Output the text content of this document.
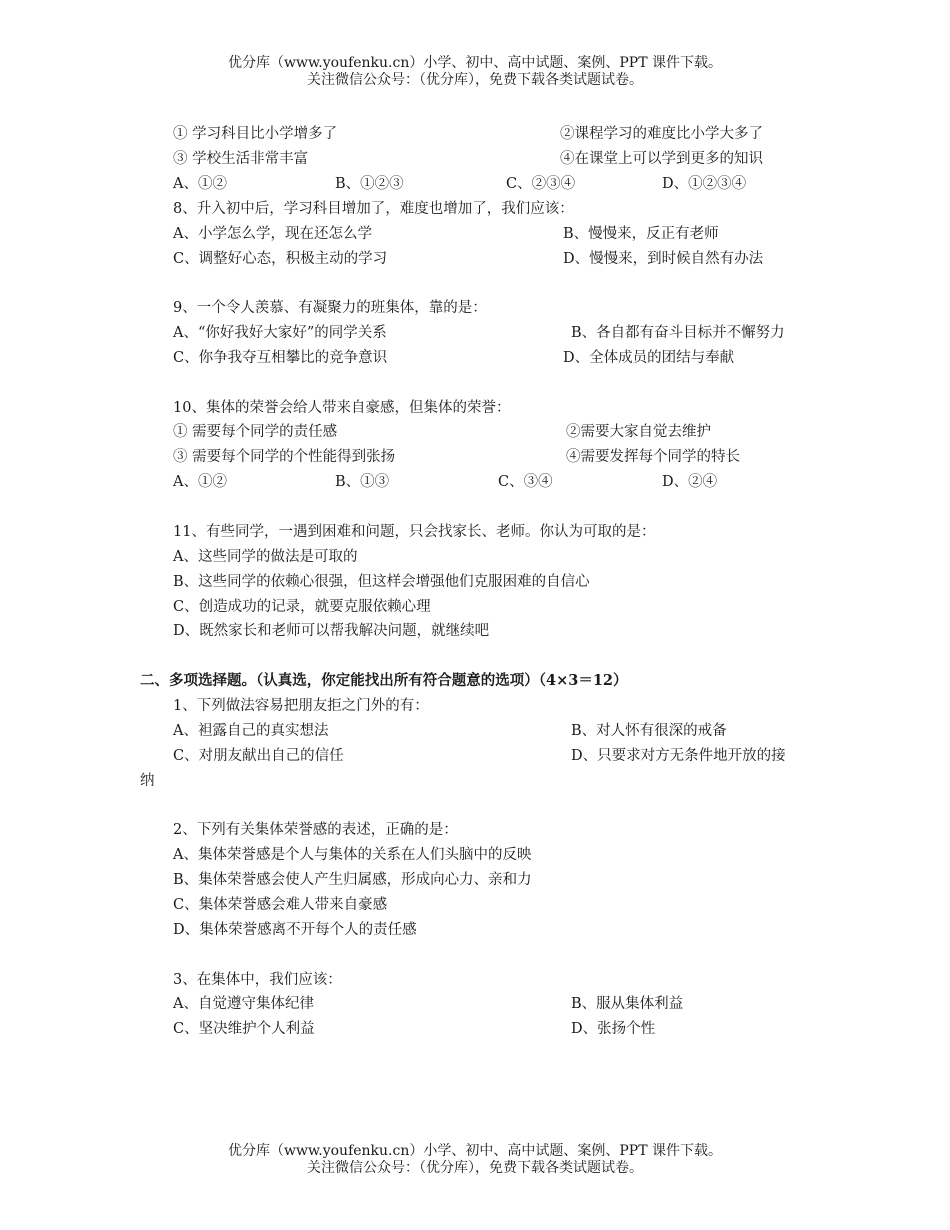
优分库（www.youfenku.cn）小学、初中、高中试题、案例、PPT 课件下载。
关注微信公众号：（优分库），免费下载各类试题试卷。
① 学习科目比小学增多了	②课程学习的难度比小学大多了
③ 学校生活非常丰富	④在课堂上可以学到更多的知识
A、①②	B、①②③	C、②③④	D、①②③④
8、升入初中后，学习科目增加了，难度也增加了，我们应该：
A、小学怎么学，现在还怎么学	B、慢慢来，反正有老师
C、调整好心态，积极主动的学习	D、慢慢来，到时候自然有办法
9、一个令人羡慕、有凝聚力的班集体，靠的是：
A、“你好我好大家好”的同学关系	B、各自都有奋斗目标并不懈努力
C、你争我夺互相攀比的竞争意识	D、全体成员的团结与奉献
10、集体的荣誉会给人带来自豪感，但集体的荣誉：
① 需要每个同学的责任感	②需要大家自觉去维护
③ 需要每个同学的个性能得到张扬	④需要发挥每个同学的特长
A、①②	B、①③	C、③④	D、②④
11、有些同学，一遇到困难和问题，只会找家长、老师。你认为可取的是：
A、这些同学的做法是可取的
B、这些同学的依赖心很强，但这样会增强他们克服困难的自信心
C、创造成功的记录，就要克服依赖心理
D、既然家长和老师可以帮我解决问题，就继续吧
二、多项选择题。（认真选，你定能找出所有符合题意的选项）（4×3＝12）
1、下列做法容易把朋友拒之门外的有：
A、袒露自己的真实想法	B、对人怀有很深的戒备
C、对朋友献出自己的信任	D、只要求对方无条件地开放的接
纳
2、下列有关集体荣誉感的表述，正确的是：
A、集体荣誉感是个人与集体的关系在人们头脑中的反映
B、集体荣誉感会使人产生归属感，形成向心力、亲和力
C、集体荣誉感会难人带来自豪感
D、集体荣誉感离不开每个人的责任感
3、在集体中，我们应该：
A、自觉遵守集体纪律	B、服从集体利益
C、坚决维护个人利益	D、张扬个性
优分库（www.youfenku.cn）小学、初中、高中试题、案例、PPT 课件下载。
关注微信公众号：（优分库），免费下载各类试题试卷。
